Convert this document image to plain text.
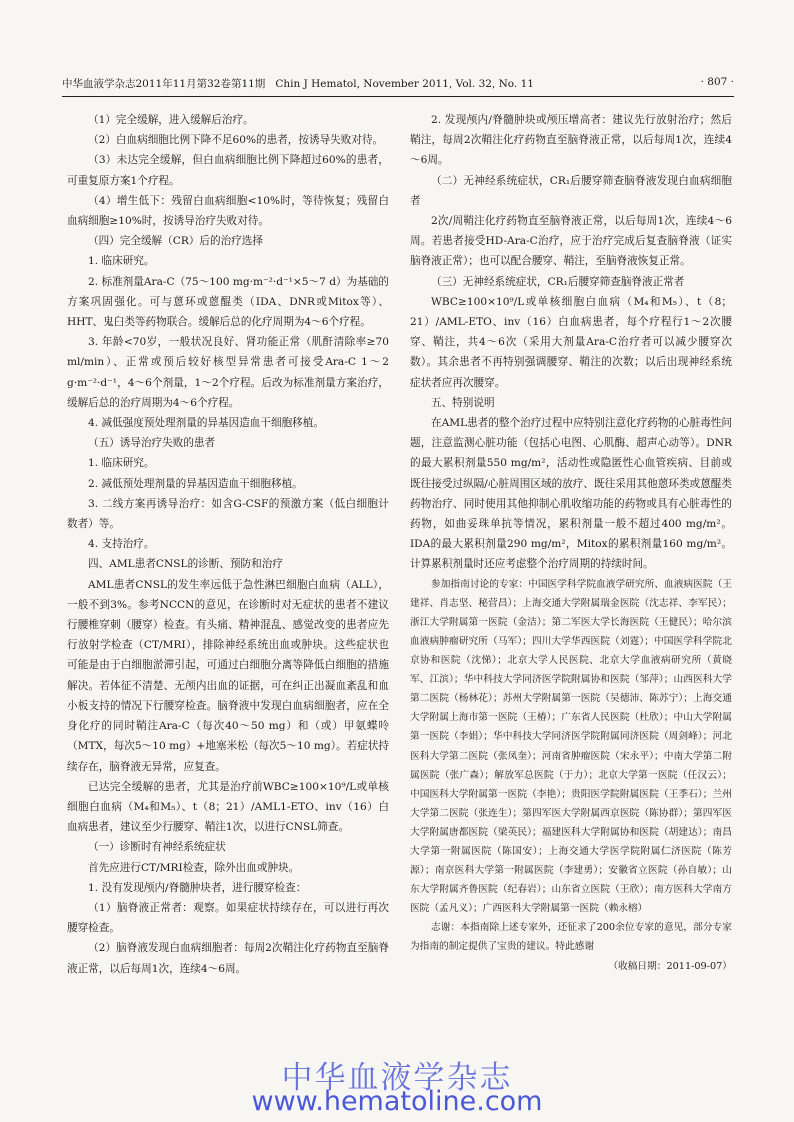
中华血液学杂志2011年11月第32卷第11期 Chin J Hematol, November 2011, Vol. 32, No. 11	· 807 ·

（1）完全缓解，进入缓解后治疗。

（2）白血病细胞比例下降不足60%的患者，按诱导失败对待。

（3）未达完全缓解，但白血病细胞比例下降超过60%的患者，可重复原方案1个疗程。

（4）增生低下：残留白血病细胞<10%时，等待恢复；残留白血病细胞≥10%时，按诱导治疗失败对待。

（四）完全缓解（CR）后的治疗选择

1. 临床研究。

2. 标准剂量Ara-C（75～100 mg·m⁻²·d⁻¹×5～7 d）为基础的方案巩固强化。可与蒽环或蒽醌类（IDA、DNR或Mitox等）、HHT、鬼臼类等药物联合。缓解后总的化疗周期为4～6个疗程。

3. 年龄<70岁，一般状况良好、肾功能正常（肌酐清除率≥70 ml/min）、正常或预后较好核型异常患者可接受Ara-C 1～2 g·m⁻²·d⁻¹，4～6个剂量，1～2个疗程。后改为标准剂量方案治疗，缓解后总的治疗周期为4～6个疗程。

4. 减低强度预处理剂量的异基因造血干细胞移植。

（五）诱导治疗失败的患者

1. 临床研究。

2. 减低预处理剂量的异基因造血干细胞移植。

3. 二线方案再诱导治疗：如含G-CSF的预激方案（低白细胞计数者）等。

4. 支持治疗。

四、AML患者CNSL的诊断、预防和治疗

AML患者CNSL的发生率远低于急性淋巴细胞白血病（ALL），一般不到3%。参考NCCN的意见，在诊断时对无症状的患者不建议行腰椎穿刺（腰穿）检查。有头痛、精神混乱、感觉改变的患者应先行放射学检查（CT/MRI），排除神经系统出血或肿块。这些症状也可能是由于白细胞淤滞引起，可通过白细胞分离等降低白细胞的措施解决。若体征不清楚、无颅内出血的证据，可在纠正出凝血紊乱和血小板支持的情况下行腰穿检查。脑脊液中发现白血病细胞者，应在全身化疗的同时鞘注Ara-C（每次40～50 mg）和（或）甲氨蝶呤（MTX，每次5～10 mg）+地塞米松（每次5～10 mg）。若症状持续存在，脑脊液无异常，应复查。

已达完全缓解的患者，尤其是治疗前WBC≥100×10⁹/L或单核细胞白血病（M₄和M₅）、t（8；21）/AML1-ETO、inv（16）白血病患者，建议至少行腰穿、鞘注1次，以进行CNSL筛查。

（一）诊断时有神经系统症状

首先应进行CT/MRI检查，除外出血或肿块。

1. 没有发现颅内/脊髓肿块者，进行腰穿检查：

（1）脑脊液正常者：观察。如果症状持续存在，可以进行再次腰穿检查。

（2）脑脊液发现白血病细胞者：每周2次鞘注化疗药物直至脑脊液正常，以后每周1次，连续4～6周。

2. 发现颅内/脊髓肿块或颅压增高者：建议先行放射治疗；然后鞘注，每周2次鞘注化疗药物直至脑脊液正常，以后每周1次，连续4～6周。

（二）无神经系统症状，CR₁后腰穿筛查脑脊液发现白血病细胞者

2次/周鞘注化疗药物直至脑脊液正常，以后每周1次，连续4～6周。若患者接受HD-Ara-C治疗，应于治疗完成后复查脑脊液（证实脑脊液正常）；也可以配合腰穿、鞘注，至脑脊液恢复正常。

（三）无神经系统症状，CR₁后腰穿筛查脑脊液正常者

WBC≥100×10⁹/L或单核细胞白血病（M₄和M₅）、t（8；21）/AML-ETO、inv（16）白血病患者，每个疗程行1～2次腰穿、鞘注，共4～6次（采用大剂量Ara-C治疗者可以减少腰穿次数）。其余患者不再特别强调腰穿、鞘注的次数；以后出现神经系统症状者应再次腰穿。

五、特别说明

在AML患者的整个治疗过程中应特别注意化疗药物的心脏毒性问题，注意监测心脏功能（包括心电图、心肌酶、超声心动等）。DNR的最大累积剂量550 mg/m²，活动性或隐匿性心血管疾病、目前或既往接受过纵隔/心脏周围区域的放疗、既往采用其他蒽环类或蒽醌类药物治疗、同时使用其他抑制心肌收缩功能的药物或具有心脏毒性的药物，如曲妥珠单抗等情况，累积剂量一般不超过400 mg/m²。IDA的最大累积剂量290 mg/m²，Mitox的累积剂量160 mg/m²。计算累积剂量时还应考虑整个治疗周期的持续时间。

参加指南讨论的专家：中国医学科学院血液学研究所、血液病医院（王建祥、肖志坚、秘营昌）；上海交通大学附属瑞金医院（沈志祥、李军民）；浙江大学附属第一医院（金洁）；第二军医大学长海医院（王健民）；哈尔滨血液病肿瘤研究所（马军）；四川大学华西医院（刘霆）；中国医学科学院北京协和医院（沈悌）；北京大学人民医院、北京大学血液病研究所（黄晓军、江滨）；华中科技大学同济医学院附属协和医院（邹萍）；山西医科大学第二医院（杨林花）；苏州大学附属第一医院（吴德沛、陈苏宁）；上海交通大学附属上海市第一医院（王椿）；广东省人民医院（杜欣）；中山大学附属第一医院（李娟）；华中科技大学同济医学院附属同济医院（周剑峰）；河北医科大学第二医院（张凤奎）；河南省肿瘤医院（宋永平）；中南大学第二附属医院（张广森）；解放军总医院（于力）；北京大学第一医院（任汉云）；中国医科大学附属第一医院（李艳）；贵阳医学院附属医院（王季石）；兰州大学第二医院（张连生）；第四军医大学附属西京医院（陈协群）；第四军医大学附属唐都医院（梁英民）；福建医科大学附属协和医院（胡建达）；南昌大学第一附属医院（陈国安）；上海交通大学医学院附属仁济医院（陈芳源）；南京医科大学第一附属医院（李建勇）；安徽省立医院（孙自敏）；山东大学附属齐鲁医院（纪春岩）；山东省立医院（王欣）；南方医科大学南方医院（孟凡义）；广西医科大学附属第一医院（赖永榕）

志谢：本指南除上述专家外，还征求了200余位专家的意见，部分专家为指南的制定提供了宝贵的建议。特此感谢

（收稿日期：2011-09-07）

中华血液学杂志
www.hematoline.com
